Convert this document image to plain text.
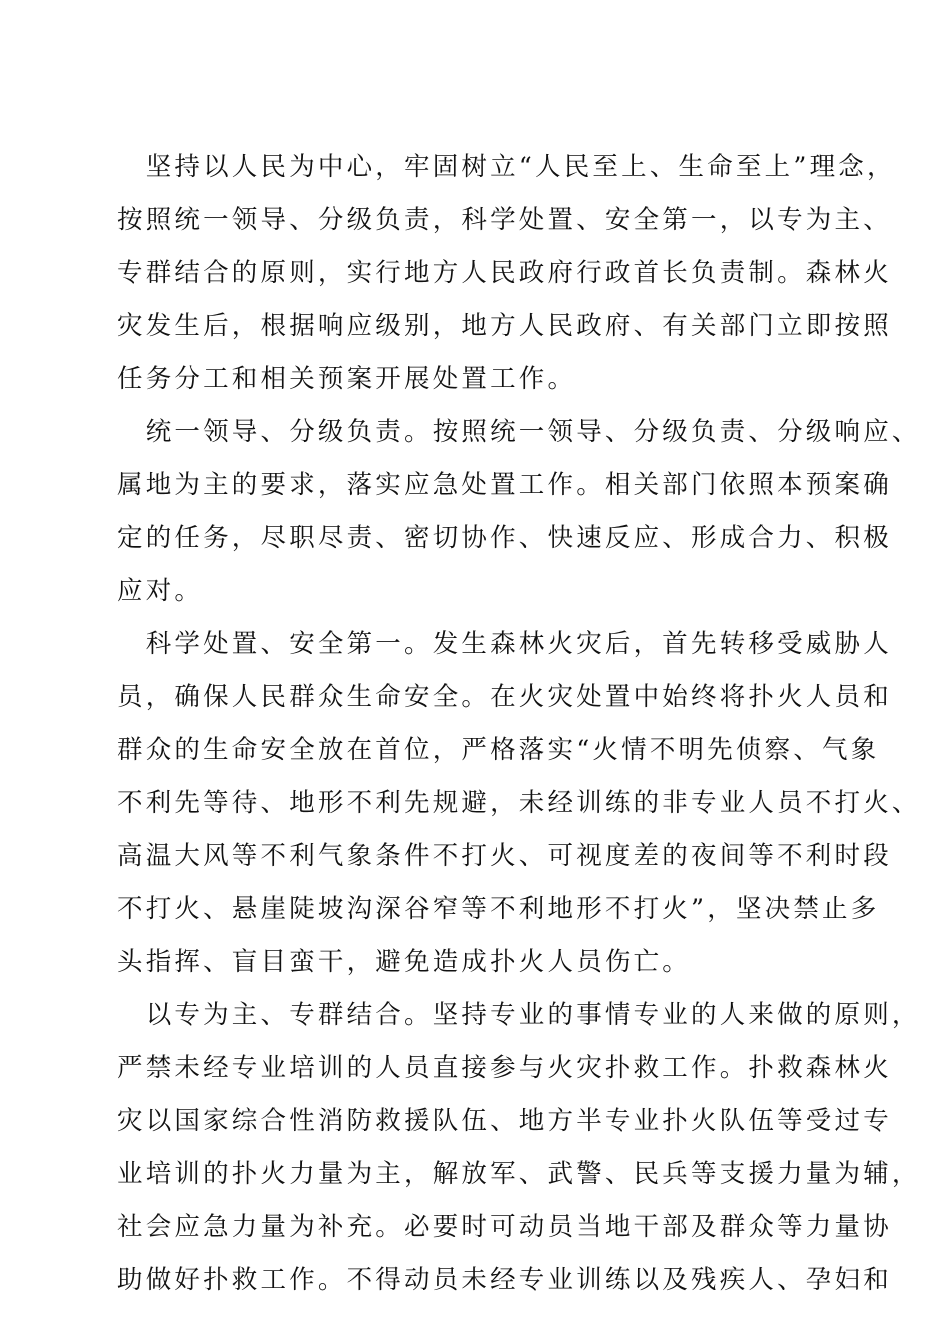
　坚持以人民为中心，牢固树立“人民至上、生命至上”理念，
按照统一领导、分级负责，科学处置、安全第一，以专为主、
专群结合的原则，实行地方人民政府行政首长负责制。森林火
灾发生后，根据响应级别，地方人民政府、有关部门立即按照
任务分工和相关预案开展处置工作。
　统一领导、分级负责。按照统一领导、分级负责、分级响应、
属地为主的要求，落实应急处置工作。相关部门依照本预案确
定的任务，尽职尽责、密切协作、快速反应、形成合力、积极
应对。
　科学处置、安全第一。发生森林火灾后，首先转移受威胁人
员，确保人民群众生命安全。在火灾处置中始终将扑火人员和
群众的生命安全放在首位，严格落实“火情不明先侦察、气象
不利先等待、地形不利先规避，未经训练的非专业人员不打火、
高温大风等不利气象条件不打火、可视度差的夜间等不利时段
不打火、悬崖陡坡沟深谷窄等不利地形不打火”，坚决禁止多
头指挥、盲目蛮干，避免造成扑火人员伤亡。
　以专为主、专群结合。坚持专业的事情专业的人来做的原则，
严禁未经专业培训的人员直接参与火灾扑救工作。扑救森林火
灾以国家综合性消防救援队伍、地方半专业扑火队伍等受过专
业培训的扑火力量为主，解放军、武警、民兵等支援力量为辅，
社会应急力量为补充。必要时可动员当地干部及群众等力量协
助做好扑救工作。不得动员未经专业训练以及残疾人、孕妇和
